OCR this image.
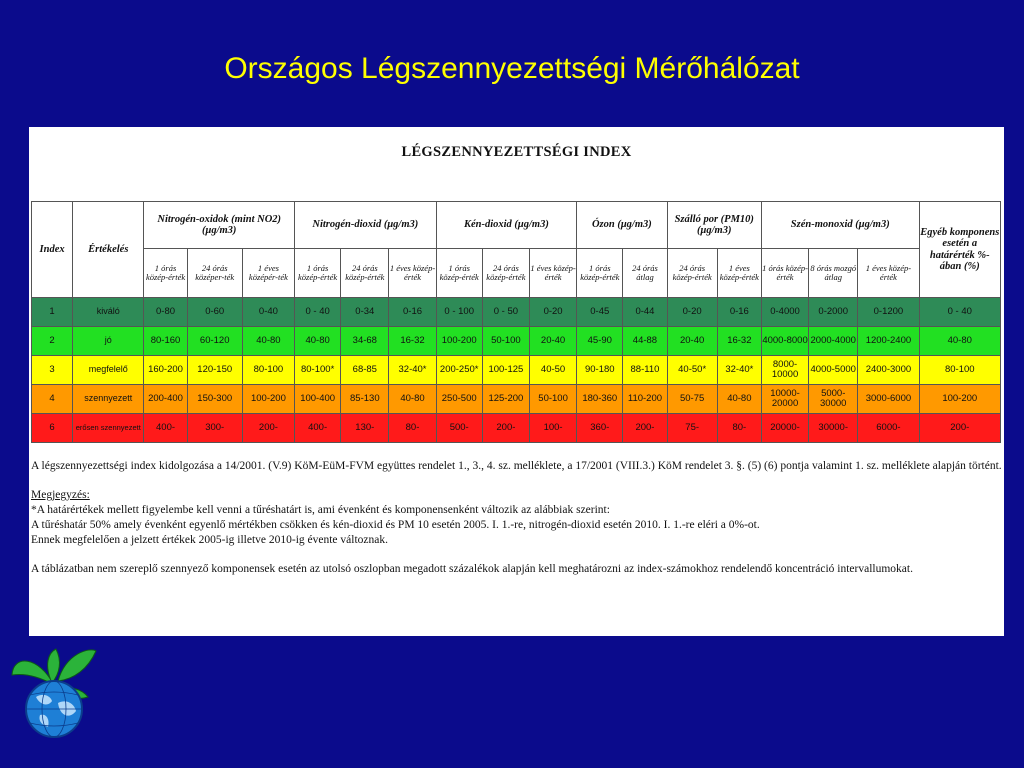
Országos Légszennyezettségi Mérőhálózat
LÉGSZENNYEZETTSÉGI INDEX
Index	Értékelés	Nitrogén-oxidok (mint NO2) (μg/m3)			Nitrogén-dioxid (μg/m3)			Kén-dioxid (μg/m3)			Ózon (μg/m3)		Szálló por (PM10) (μg/m3)		Szén-monoxid (μg/m3)			Egyéb komponens esetén a határérték %-ában (%)
		1 órás közép-érték	24 órás középer-ték	1 éves középér-ték	1 órás közép-érték	24 órás közép-érték	1 éves közép-érték	1 órás közép-érték	24 órás közép-érték	1 éves közép-érték	1 órás közép-érték	24 órás átlag	24 órás közép-érték	1 éves közép-érték	1 órás közép-érték	8 órás mozgó átlag	1 éves közép-érték	
1	kiváló	0-80	0-60	0-40	0 - 40	0-34	0-16	0 - 100	0 - 50	0-20	0-45	0-44	0-20	0-16	0-4000	0-2000	0-1200	0 - 40
2	jó	80-160	60-120	40-80	40-80	34-68	16-32	100-200	50-100	20-40	45-90	44-88	20-40	16-32	4000-8000	2000-4000	1200-2400	40-80
3	megfelelő	160-200	120-150	80-100	80-100*	68-85	32-40*	200-250*	100-125	40-50	90-180	88-110	40-50*	32-40*	8000-10000	4000-5000	2400-3000	80-100
4	szennyezett	200-400	150-300	100-200	100-400	85-130	40-80	250-500	125-200	50-100	180-360	110-200	50-75	40-80	10000-20000	5000-30000	3000-6000	100-200
6	erősen szennyezett	400-	300-	200-	400-	130-	80-	500-	200-	100-	360-	200-	75-	80-	20000-	30000-	6000-	200-

A légszennyezettségi index kidolgozása a 14/2001. (V.9) KöM-EüM-FVM együttes rendelet 1., 3., 4. sz. melléklete, a 17/2001 (VIII.3.) KöM rendelet 3. §. (5) (6) pontja valamint 1. sz. melléklete alapján történt.

Megjegyzés:

*A határértékek mellett figyelembe kell venni a tűréshatárt is, ami évenként és komponensenként változik az alábbiak szerint:

A tűréshatár 50% amely évenként egyenlő mértékben csökken és kén-dioxid és PM 10 esetén 2005. I. 1.-re, nitrogén-dioxid esetén 2010. I. 1.-re eléri a 0%-ot.

Ennek megfelelően a jelzett értékek 2005-ig illetve 2010-ig évente változnak.

A táblázatban nem szereplő szennyező komponensek esetén az utolsó oszlopban megadott százalékok alapján kell meghatározni az index-számokhoz rendelendő koncentráció intervallumokat.
